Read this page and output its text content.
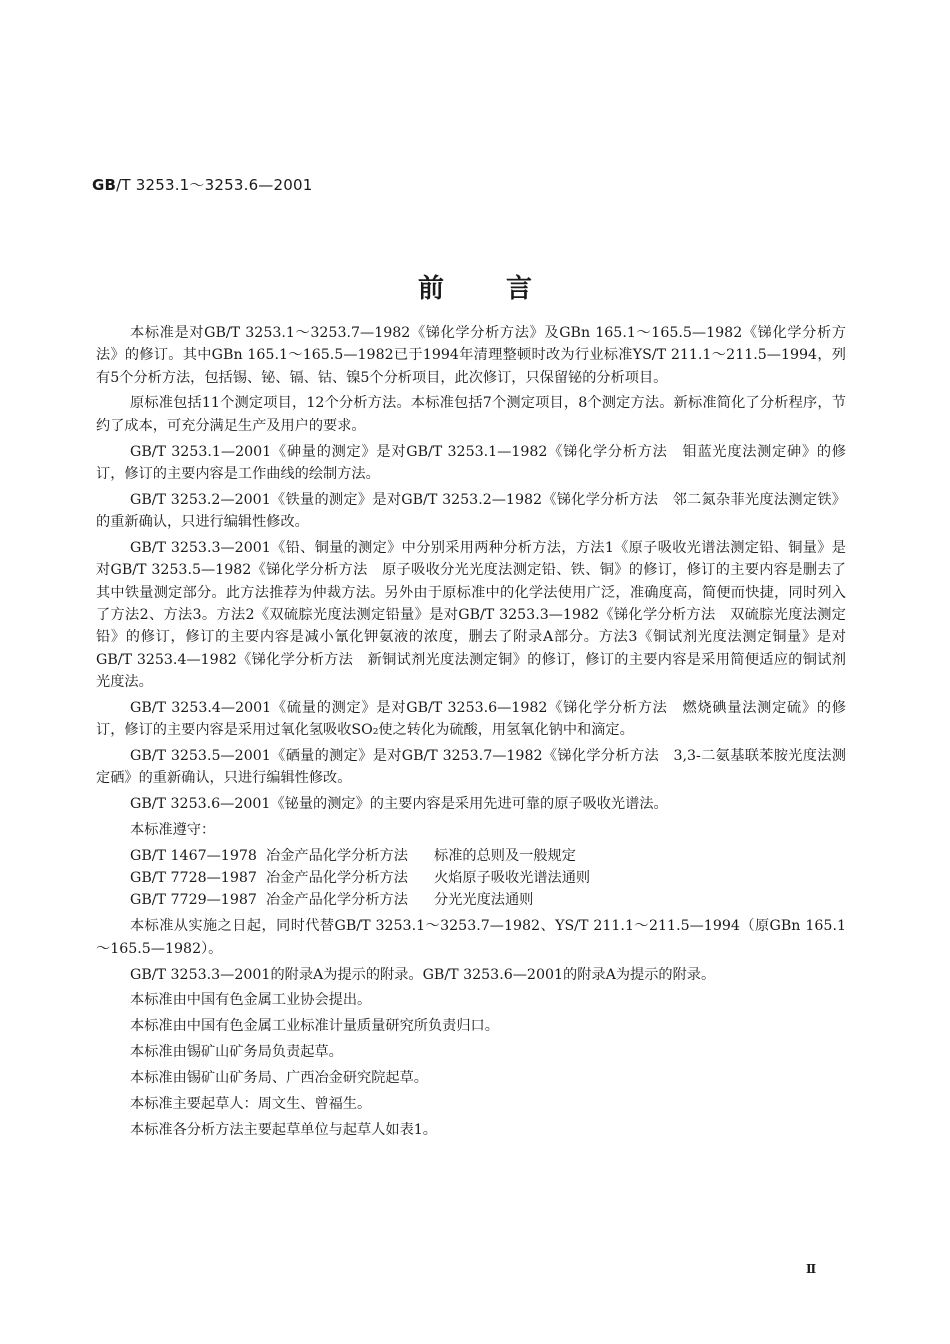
GB/T 3253.1～3253.6—2001
前言

本标准是对GB/T 3253.1～3253.7—1982《锑化学分析方法》及GBn 165.1～165.5—1982《锑化学分析方法》的修订。其中GBn 165.1～165.5—1982已于1994年清理整顿时改为行业标准YS/T 211.1～211.5—1994，列有5个分析方法，包括锡、铋、镉、钴、镍5个分析项目，此次修订，只保留铋的分析项目。

原标准包括11个测定项目，12个分析方法。本标准包括7个测定项目，8个测定方法。新标准简化了分析程序，节约了成本，可充分满足生产及用户的要求。

GB/T 3253.1—2001《砷量的测定》是对GB/T 3253.1—1982《锑化学分析方法　钼蓝光度法测定砷》的修订，修订的主要内容是工作曲线的绘制方法。

GB/T 3253.2—2001《铁量的测定》是对GB/T 3253.2—1982《锑化学分析方法　邻二氮杂菲光度法测定铁》的重新确认，只进行编辑性修改。

GB/T 3253.3—2001《铅、铜量的测定》中分别采用两种分析方法，方法1《原子吸收光谱法测定铅、铜量》是对GB/T 3253.5—1982《锑化学分析方法　原子吸收分光光度法测定铅、铁、铜》的修订，修订的主要内容是删去了其中铁量测定部分。此方法推荐为仲裁方法。另外由于原标准中的化学法使用广泛，准确度高，简便而快捷，同时列入了方法2、方法3。方法2《双硫腙光度法测定铅量》是对GB/T 3253.3—1982《锑化学分析方法　双硫腙光度法测定铅》的修订，修订的主要内容是减小氰化钾氨液的浓度，删去了附录A部分。方法3《铜试剂光度法测定铜量》是对GB/T 3253.4—1982《锑化学分析方法　新铜试剂光度法测定铜》的修订，修订的主要内容是采用简便适应的铜试剂光度法。

GB/T 3253.4—2001《硫量的测定》是对GB/T 3253.6—1982《锑化学分析方法　燃烧碘量法测定硫》的修订，修订的主要内容是采用过氧化氢吸收SO₂使之转化为硫酸，用氢氧化钠中和滴定。

GB/T 3253.5—2001《硒量的测定》是对GB/T 3253.7—1982《锑化学分析方法　3,3-二氨基联苯胺光度法测定硒》的重新确认，只进行编辑性修改。

GB/T 3253.6—2001《铋量的测定》的主要内容是采用先进可靠的原子吸收光谱法。

本标准遵守：

GB/T 1467—1978 冶金产品化学分析方法	标准的总则及一般规定
GB/T 7728—1987 冶金产品化学分析方法	火焰原子吸收光谱法通则
GB/T 7729—1987 冶金产品化学分析方法	分光光度法通则

本标准从实施之日起，同时代替GB/T 3253.1～3253.7—1982、YS/T 211.1～211.5—1994（原GBn 165.1～165.5—1982）。

GB/T 3253.3—2001的附录A为提示的附录。GB/T 3253.6—2001的附录A为提示的附录。

本标准由中国有色金属工业协会提出。

本标准由中国有色金属工业标准计量质量研究所负责归口。

本标准由锡矿山矿务局负责起草。

本标准由锡矿山矿务局、广西冶金研究院起草。

本标准主要起草人：周文生、曾福生。

本标准各分析方法主要起草单位与起草人如表1。

Ⅱ
